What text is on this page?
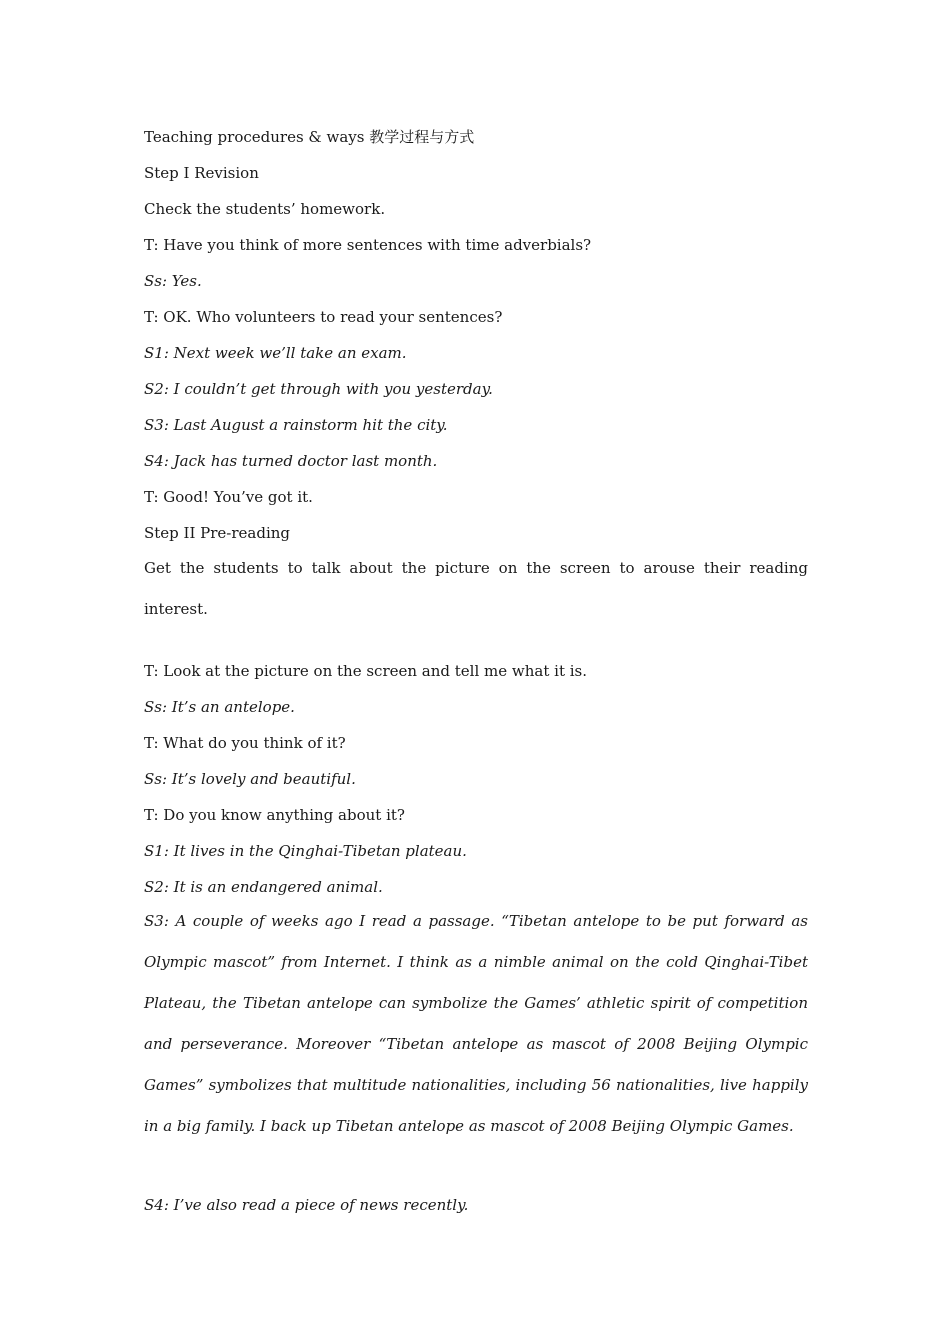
Teaching procedures & ways 教学过程与方式
Step I Revision
Check the students’ homework.
T: Have you think of more sentences with time adverbials?
Ss: Yes.
T: OK. Who volunteers to read your sentences?
S1: Next week we’ll take an exam.
S2: I couldn’t get through with you yesterday.
S3: Last August a rainstorm hit the city.
S4: Jack has turned doctor last month.
T: Good! You’ve got it.
Step II Pre-reading
Get the students to talk about the picture on the screen to arouse their reading interest.
T: Look at the picture on the screen and tell me what it is.
Ss: It’s an antelope.
T: What do you think of it?
Ss: It’s lovely and beautiful.
T: Do you know anything about it?
S1: It lives in the Qinghai-Tibetan plateau.
S2: It is an endangered animal.
S3: A couple of weeks ago I read a passage. “Tibetan antelope to be put forward as Olympic mascot” from Internet. I think as a nimble animal on the cold Qinghai-Tibet Plateau, the Tibetan antelope can symbolize the Games’ athletic spirit of competition and perseverance. Moreover “Tibetan antelope as mascot of 2008 Beijing Olympic Games” symbolizes that multitude nationalities, including 56 nationalities, live happily in a big family. I back up Tibetan antelope as mascot of 2008 Beijing Olympic Games.
S4: I’ve also read a piece of news recently.
